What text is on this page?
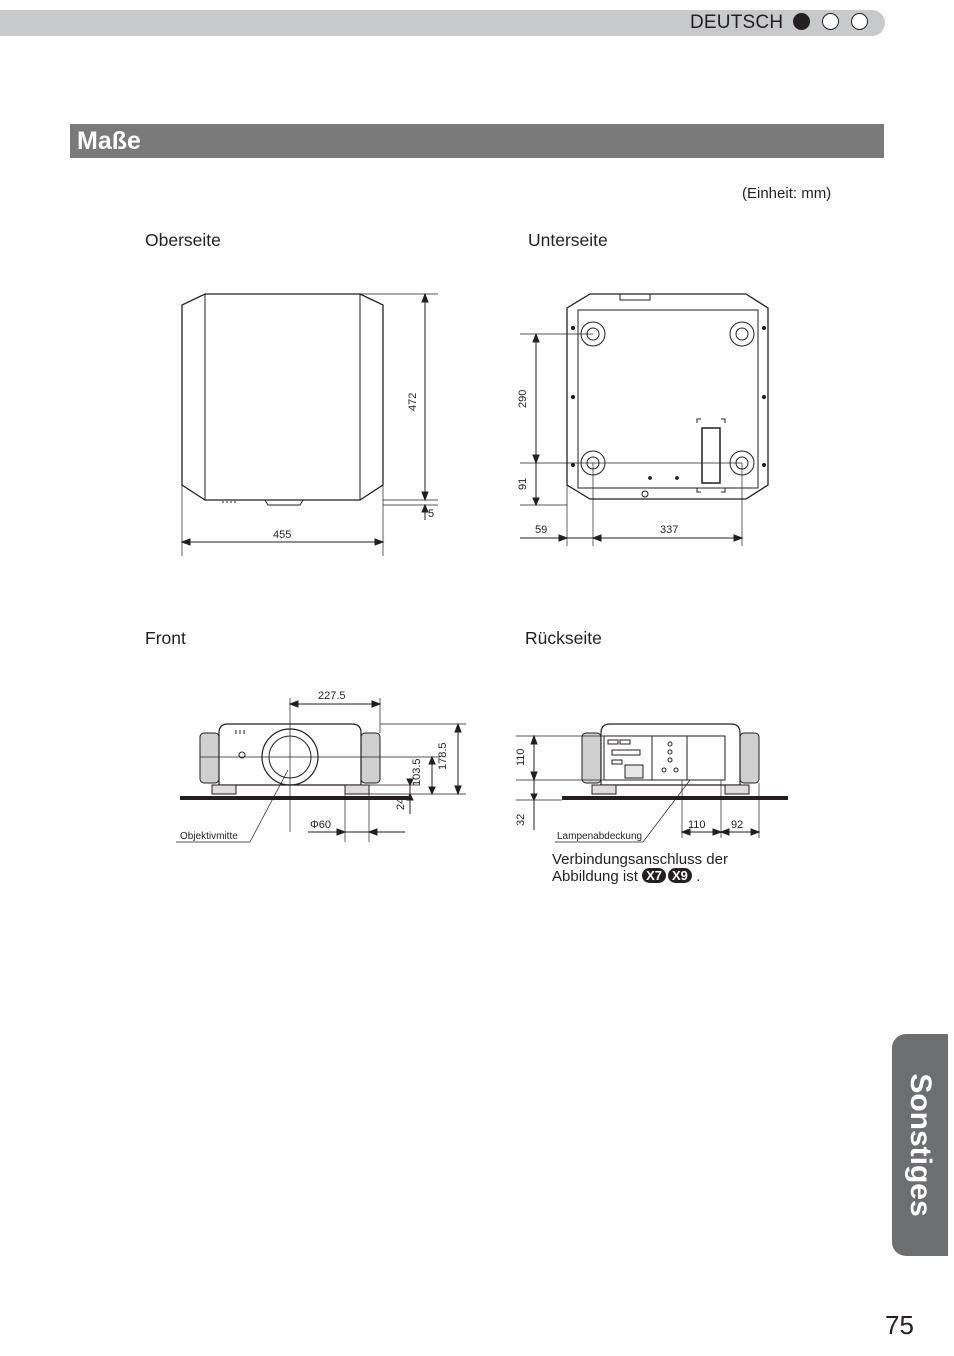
DEUTSCH
Maße
(Einheit: mm)
Oberseite	Unterseite
Front	Rückseite
472
5
455
290
91
59	337
227.5
178.5
103.5
24
Φ60
Objektivmitte
110
32	110 92
Lampenabdeckung
Verbindungsanschluss der Abbildung ist X7 X9 .
Sonstiges
75
